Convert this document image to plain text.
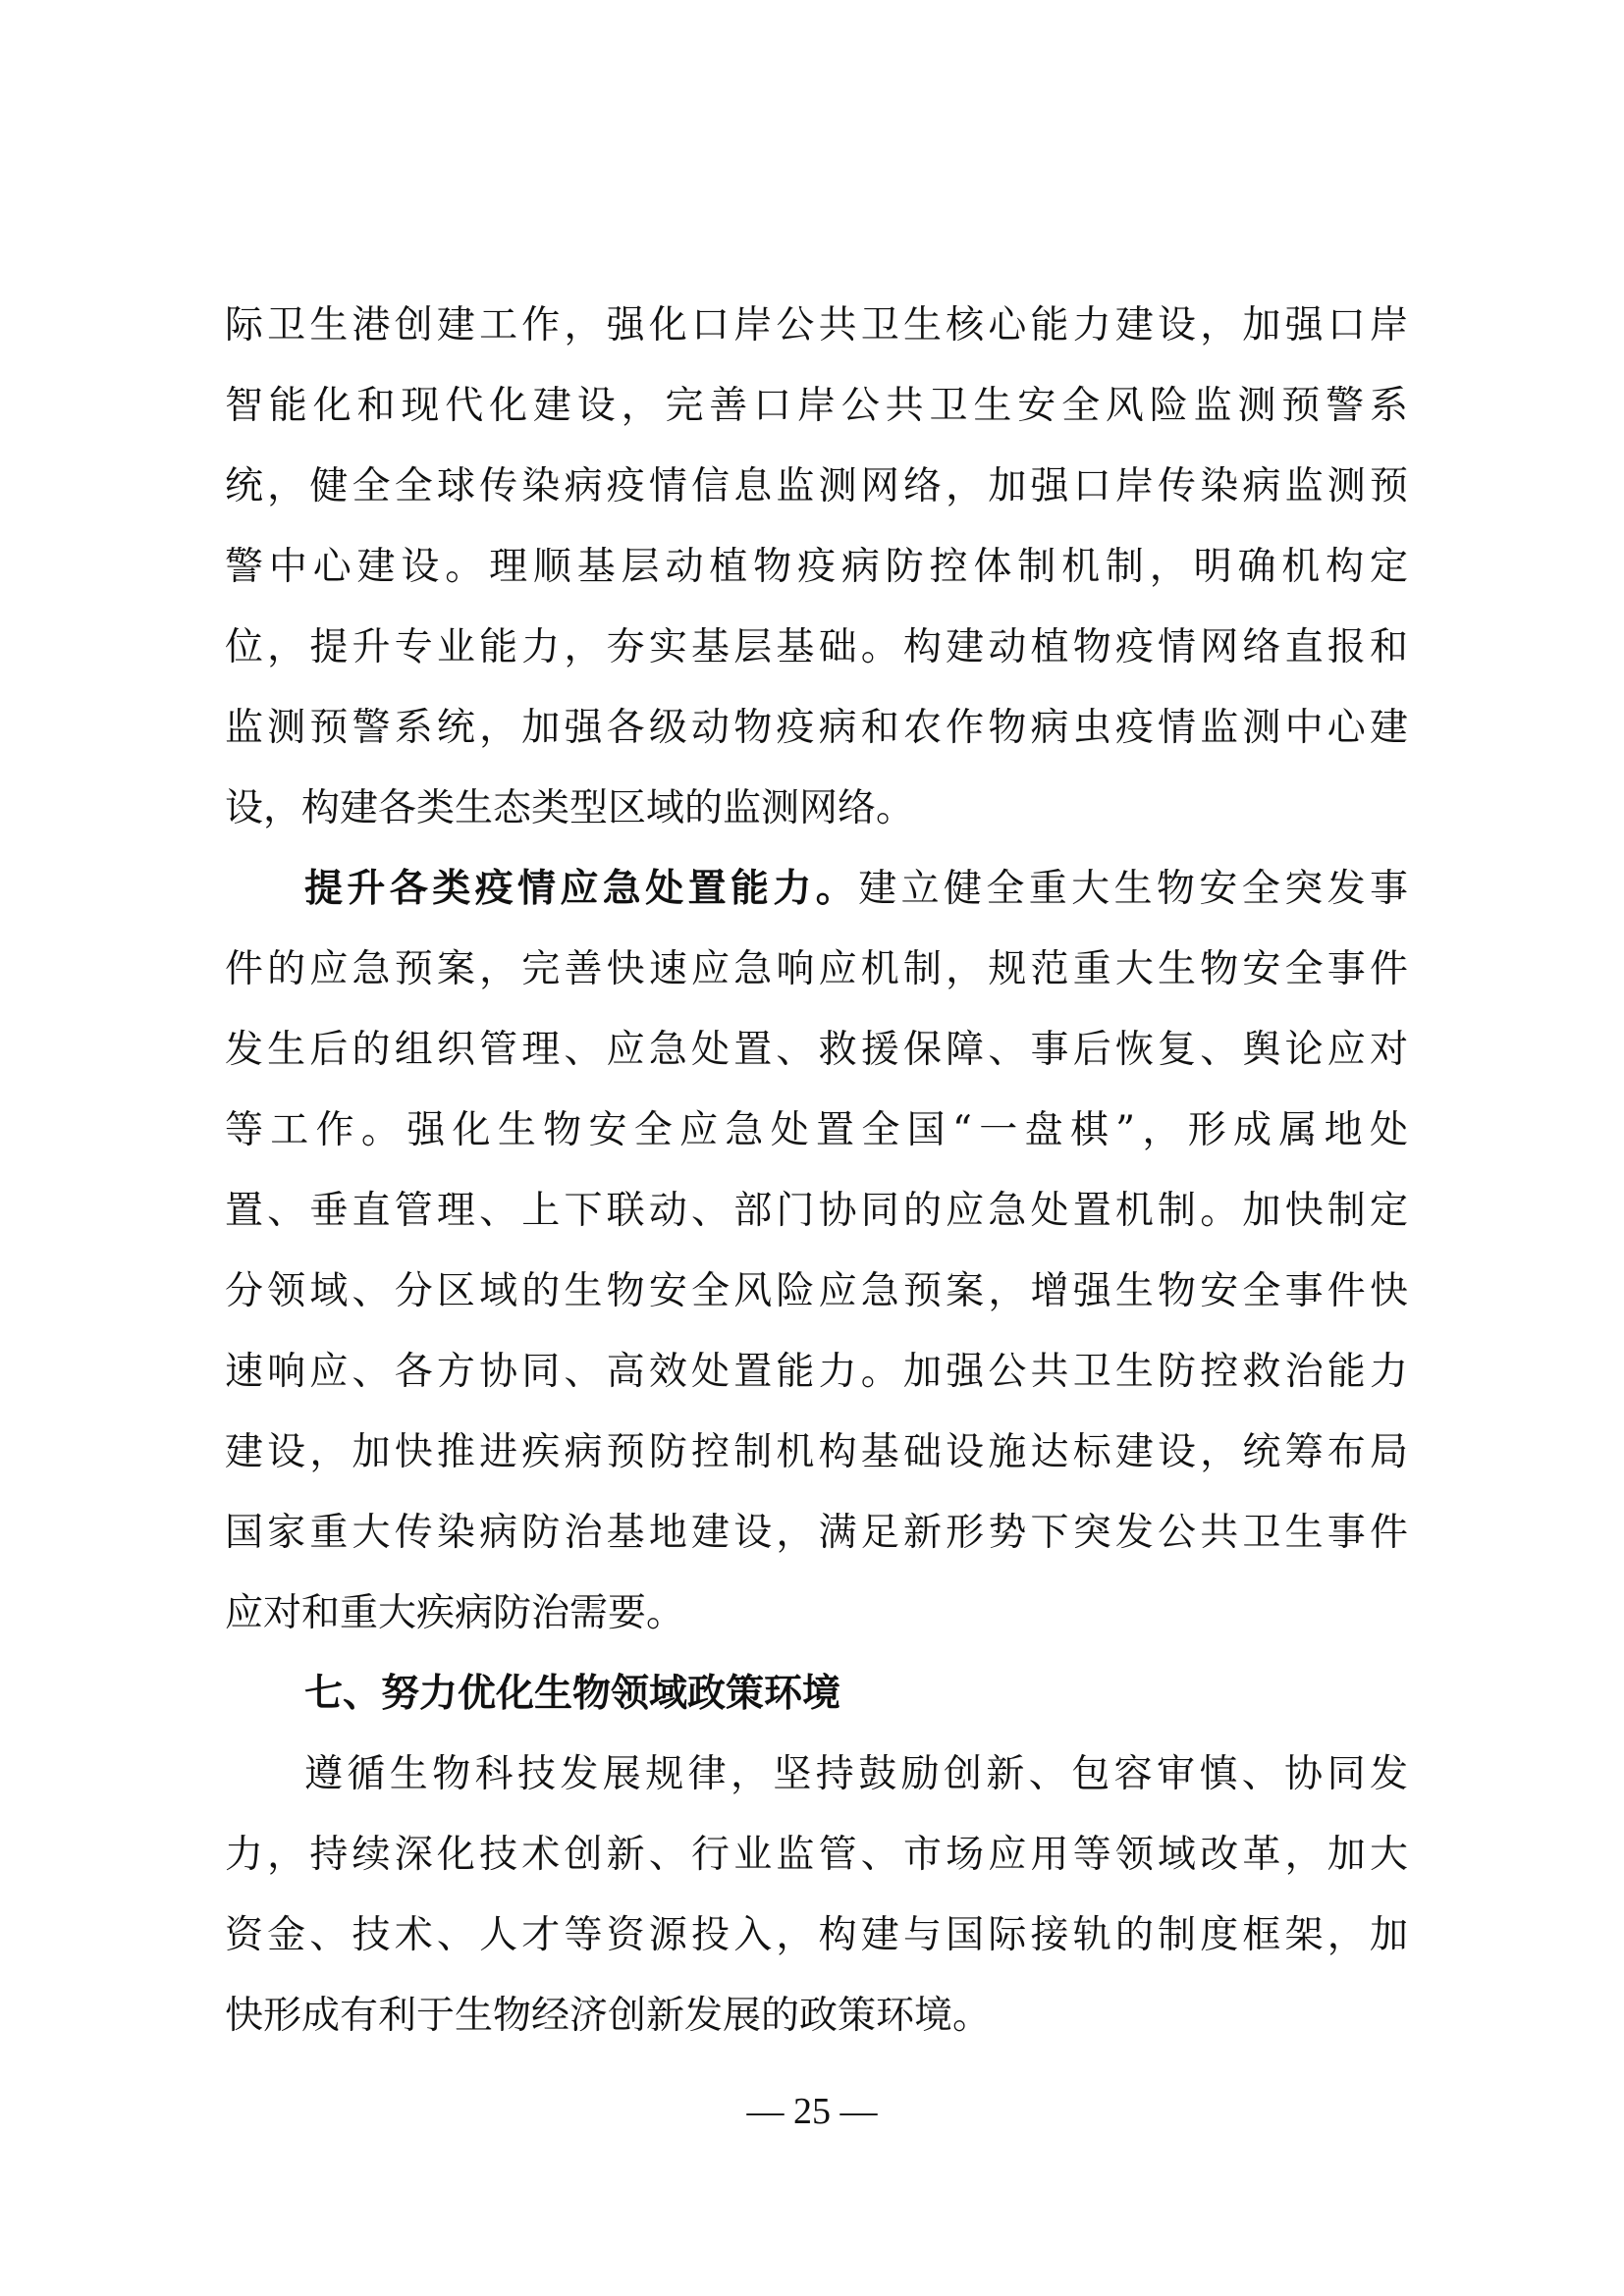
际卫生港创建工作，强化口岸公共卫生核心能力建设，加强口岸
智能化和现代化建设，完善口岸公共卫生安全风险监测预警系
统，健全全球传染病疫情信息监测网络，加强口岸传染病监测预
警中心建设。理顺基层动植物疫病防控体制机制，明确机构定
位，提升专业能力，夯实基层基础。构建动植物疫情网络直报和
监测预警系统，加强各级动物疫病和农作物病虫疫情监测中心建
设，构建各类生态类型区域的监测网络。
提升各类疫情应急处置能力。建立健全重大生物安全突发事
件的应急预案，完善快速应急响应机制，规范重大生物安全事件
发生后的组织管理、应急处置、救援保障、事后恢复、舆论应对
等工作。强化生物安全应急处置全国“一盘棋”，形成属地处
置、垂直管理、上下联动、部门协同的应急处置机制。加快制定
分领域、分区域的生物安全风险应急预案，增强生物安全事件快
速响应、各方协同、高效处置能力。加强公共卫生防控救治能力
建设，加快推进疾病预防控制机构基础设施达标建设，统筹布局
国家重大传染病防治基地建设，满足新形势下突发公共卫生事件
应对和重大疾病防治需要。
七、努力优化生物领域政策环境
遵循生物科技发展规律，坚持鼓励创新、包容审慎、协同发
力，持续深化技术创新、行业监管、市场应用等领域改革，加大
资金、技术、人才等资源投入，构建与国际接轨的制度框架，加
快形成有利于生物经济创新发展的政策环境。
— 25 —
